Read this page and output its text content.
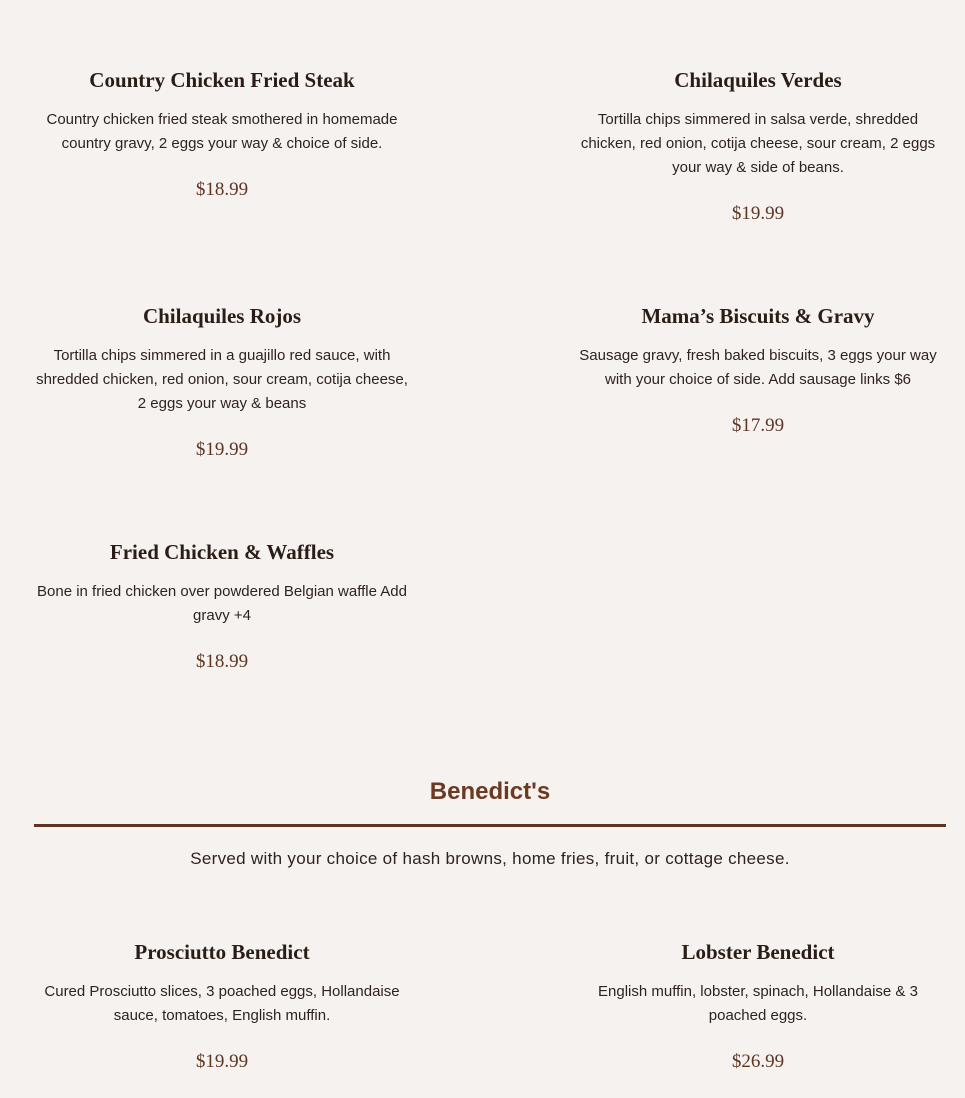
Country Chicken Fried Steak

Country chicken fried steak smothered in homemade country gravy, 2 eggs your way & choice of side.

$18.99

Chilaquiles Verdes

Tortilla chips simmered in salsa verde, shredded chicken, red onion, cotija cheese, sour cream, 2 eggs your way & side of beans.

$19.99

Chilaquiles Rojos

Tortilla chips simmered in a guajillo red sauce, with shredded chicken, red onion, sour cream, cotija cheese, 2 eggs your way & beans

$19.99

Mama’s Biscuits & Gravy

Sausage gravy, fresh baked biscuits, 3 eggs your way with your choice of side. Add sausage links $6

$17.99

Fried Chicken & Waffles

Bone in fried chicken over powdered Belgian waffle Add gravy +4

$18.99

Benedict's

Served with your choice of hash browns, home fries, fruit, or cottage cheese.

Prosciutto Benedict

Cured Prosciutto slices, 3 poached eggs, Hollandaise sauce, tomatoes, English muffin.

$19.99

Lobster Benedict

English muffin, lobster, spinach, Hollandaise & 3 poached eggs.

$26.99
